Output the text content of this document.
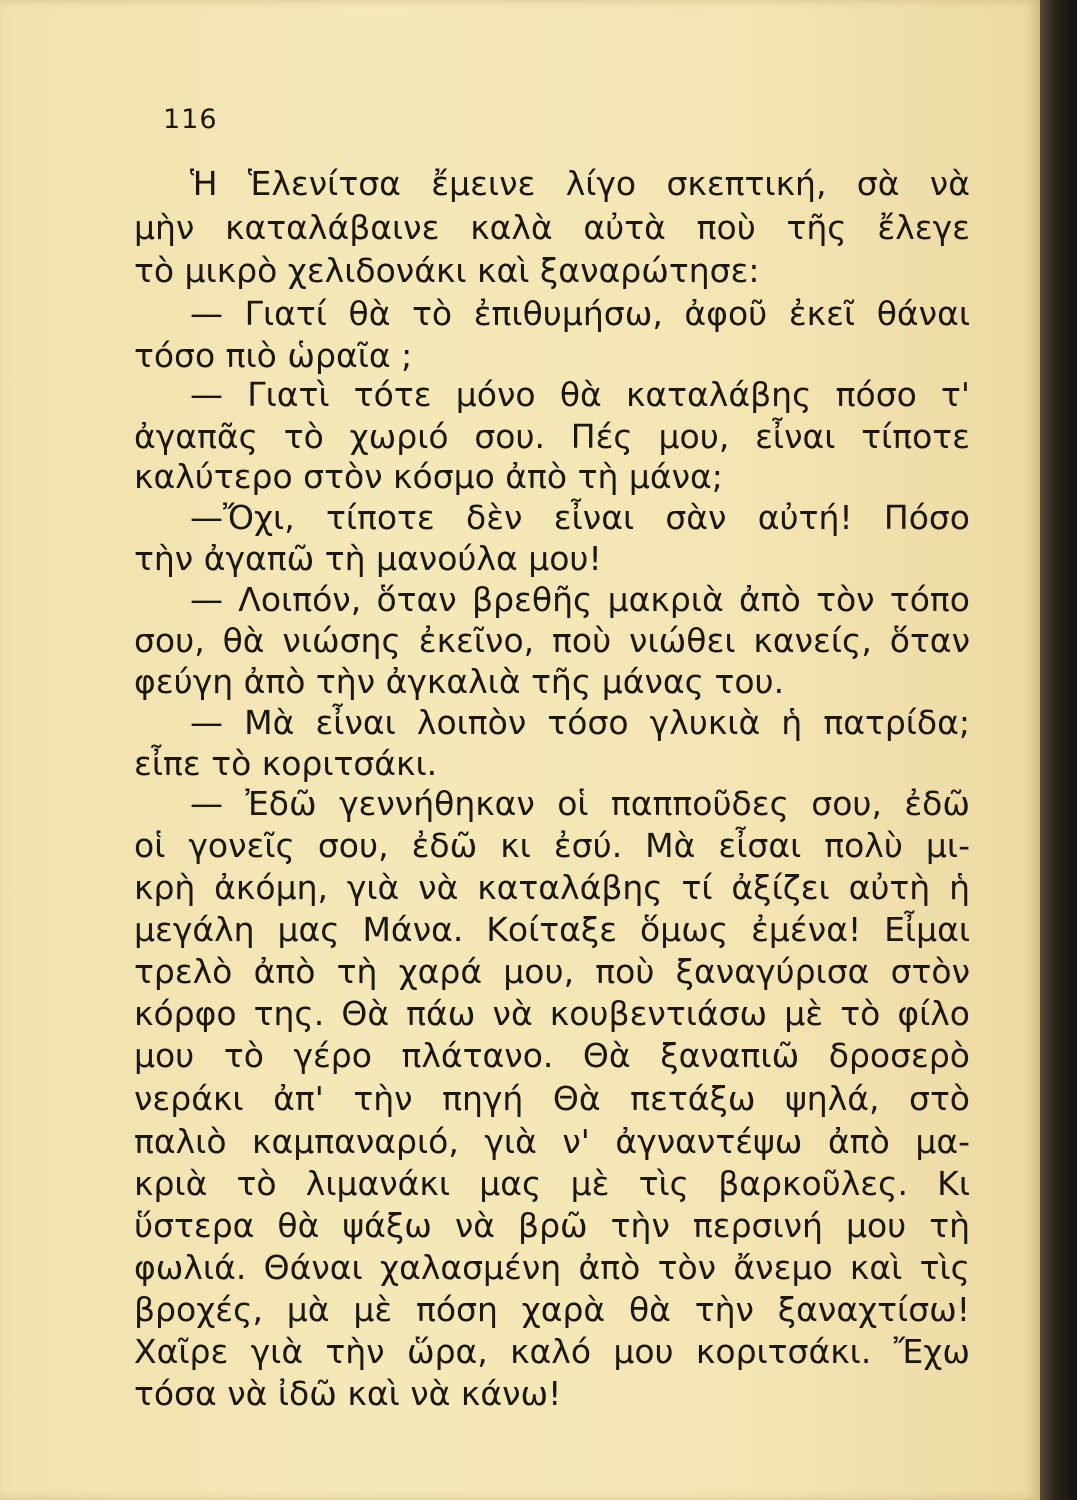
116
Ἡ Ἑλενίτσα ἔμεινε λίγο σκεπτική, σὰ νὰ
μὴν καταλάβαινε καλὰ αὐτὰ ποὺ τῆς ἔλεγε
τὸ μικρὸ χελιδονάκι καὶ ξαναρώτησε:
— Γιατί θὰ τὸ ἐπιθυμήσω, ἀφοῦ ἐκεῖ θάναι
τόσο πιὸ ὡραῖα ;
— Γιατὶ τότε μόνο θὰ καταλάβης πόσο τ'
ἀγαπᾶς τὸ χωριό σου. Πές μου, εἶναι τίποτε
καλύτερο στὸν κόσμο ἀπὸ τὴ μάνα;
—Ὄχι, τίποτε δὲν εἶναι σὰν αὐτή! Πόσο
τὴν ἀγαπῶ τὴ μανούλα μου!
— Λοιπόν, ὅταν βρεθῆς μακριὰ ἀπὸ τὸν τόπο
σου, θὰ νιώσης ἐκεῖνο, ποὺ νιώθει κανείς, ὅταν
φεύγη ἀπὸ τὴν ἀγκαλιὰ τῆς μάνας του.
— Μὰ εἶναι λοιπὸν τόσο γλυκιὰ ἡ πατρίδα;
εἶπε τὸ κοριτσάκι.
— Ἐδῶ γεννήθηκαν οἱ παπποῦδες σου, ἐδῶ
οἱ γονεῖς σου, ἐδῶ κι ἐσύ. Μὰ εἶσαι πολὺ μι-
κρὴ ἀκόμη, γιὰ νὰ καταλάβης τί ἀξίζει αὐτὴ ἡ
μεγάλη μας Μάνα. Κοίταξε ὅμως ἐμένα! Εἶμαι
τρελὸ ἀπὸ τὴ χαρά μου, ποὺ ξαναγύρισα στὸν
κόρφο της. Θὰ πάω νὰ κουβεντιάσω μὲ τὸ φίλο
μου τὸ γέρο πλάτανο. Θὰ ξαναπιῶ δροσερὸ
νεράκι ἀπ' τὴν πηγή Θὰ πετάξω ψηλά, στὸ
παλιὸ καμπαναριό, γιὰ ν' ἀγναντέψω ἀπὸ μα-
κριὰ τὸ λιμανάκι μας μὲ τὶς βαρκοῦλες. Κι
ὕστερα θὰ ψάξω νὰ βρῶ τὴν περσινή μου τὴ
φωλιά. Θάναι χαλασμένη ἀπὸ τὸν ἄνεμο καὶ τὶς
βροχές, μὰ μὲ πόση χαρὰ θὰ τὴν ξαναχτίσω!
Χαῖρε γιὰ τὴν ὥρα, καλό μου κοριτσάκι. Ἔχω
τόσα νὰ ἰδῶ καὶ νὰ κάνω!
